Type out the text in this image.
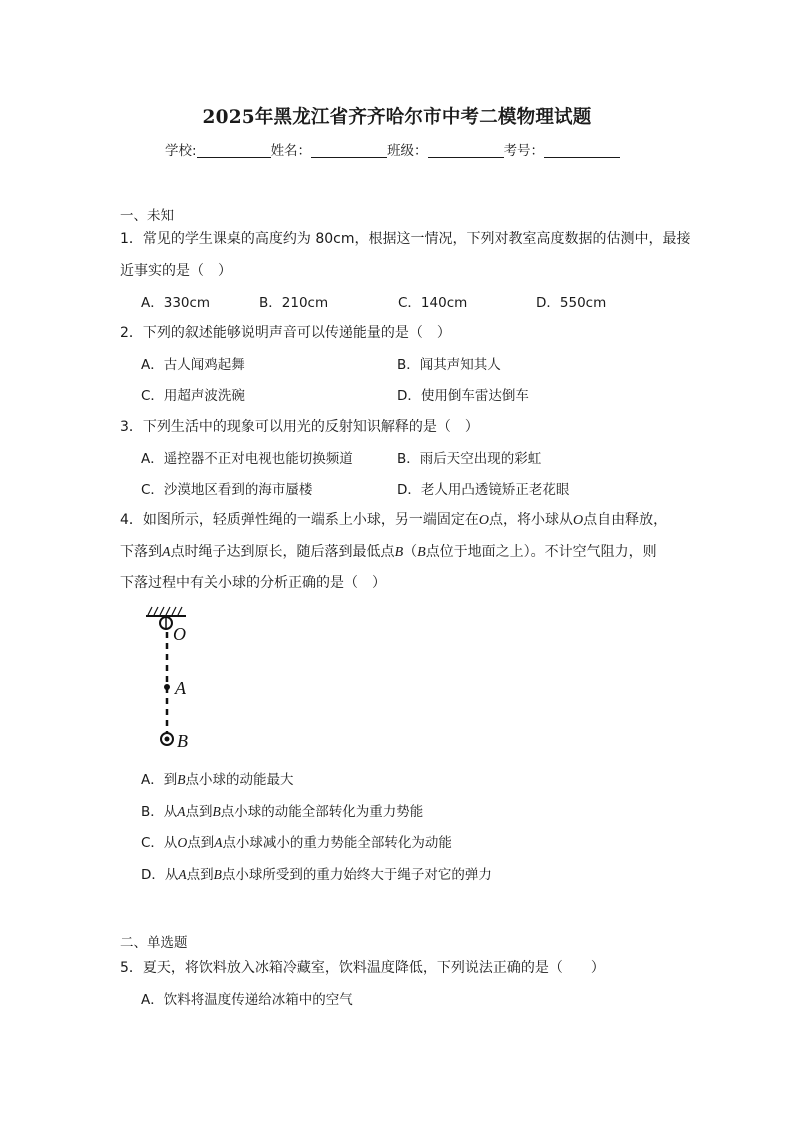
2025年黑龙江省齐齐哈尔市中考二模物理试题
学校:	姓名：	班级：	考号：
一、未知
1．常见的学生课桌的高度约为 80cm，根据这一情况，下列对教室高度数据的估测中，最接
近事实的是（　）
A．330cm	B．210cm	C．140cm	D．550cm
2．下列的叙述能够说明声音可以传递能量的是（　）
A．古人闻鸡起舞	B．闻其声知其人
C．用超声波洗碗	D．使用倒车雷达倒车
3．下列生活中的现象可以用光的反射知识解释的是（　）
A．遥控器不正对电视也能切换频道	B．雨后天空出现的彩虹
C．沙漠地区看到的海市蜃楼	D．老人用凸透镜矫正老花眼
4．如图所示，轻质弹性绳的一端系上小球，另一端固定在O点，将小球从O点自由释放，
下落到A点时绳子达到原长，随后落到最低点B（B点位于地面之上）。不计空气阻力，则
下落过程中有关小球的分析正确的是（　）
O
A
B
A．到B点小球的动能最大
B．从A点到B点小球的动能全部转化为重力势能
C．从O点到A点小球减小的重力势能全部转化为动能
D．从A点到B点小球所受到的重力始终大于绳子对它的弹力
二、单选题
5．夏天，将饮料放入冰箱冷藏室，饮料温度降低，下列说法正确的是（　　）
A．饮料将温度传递给冰箱中的空气
